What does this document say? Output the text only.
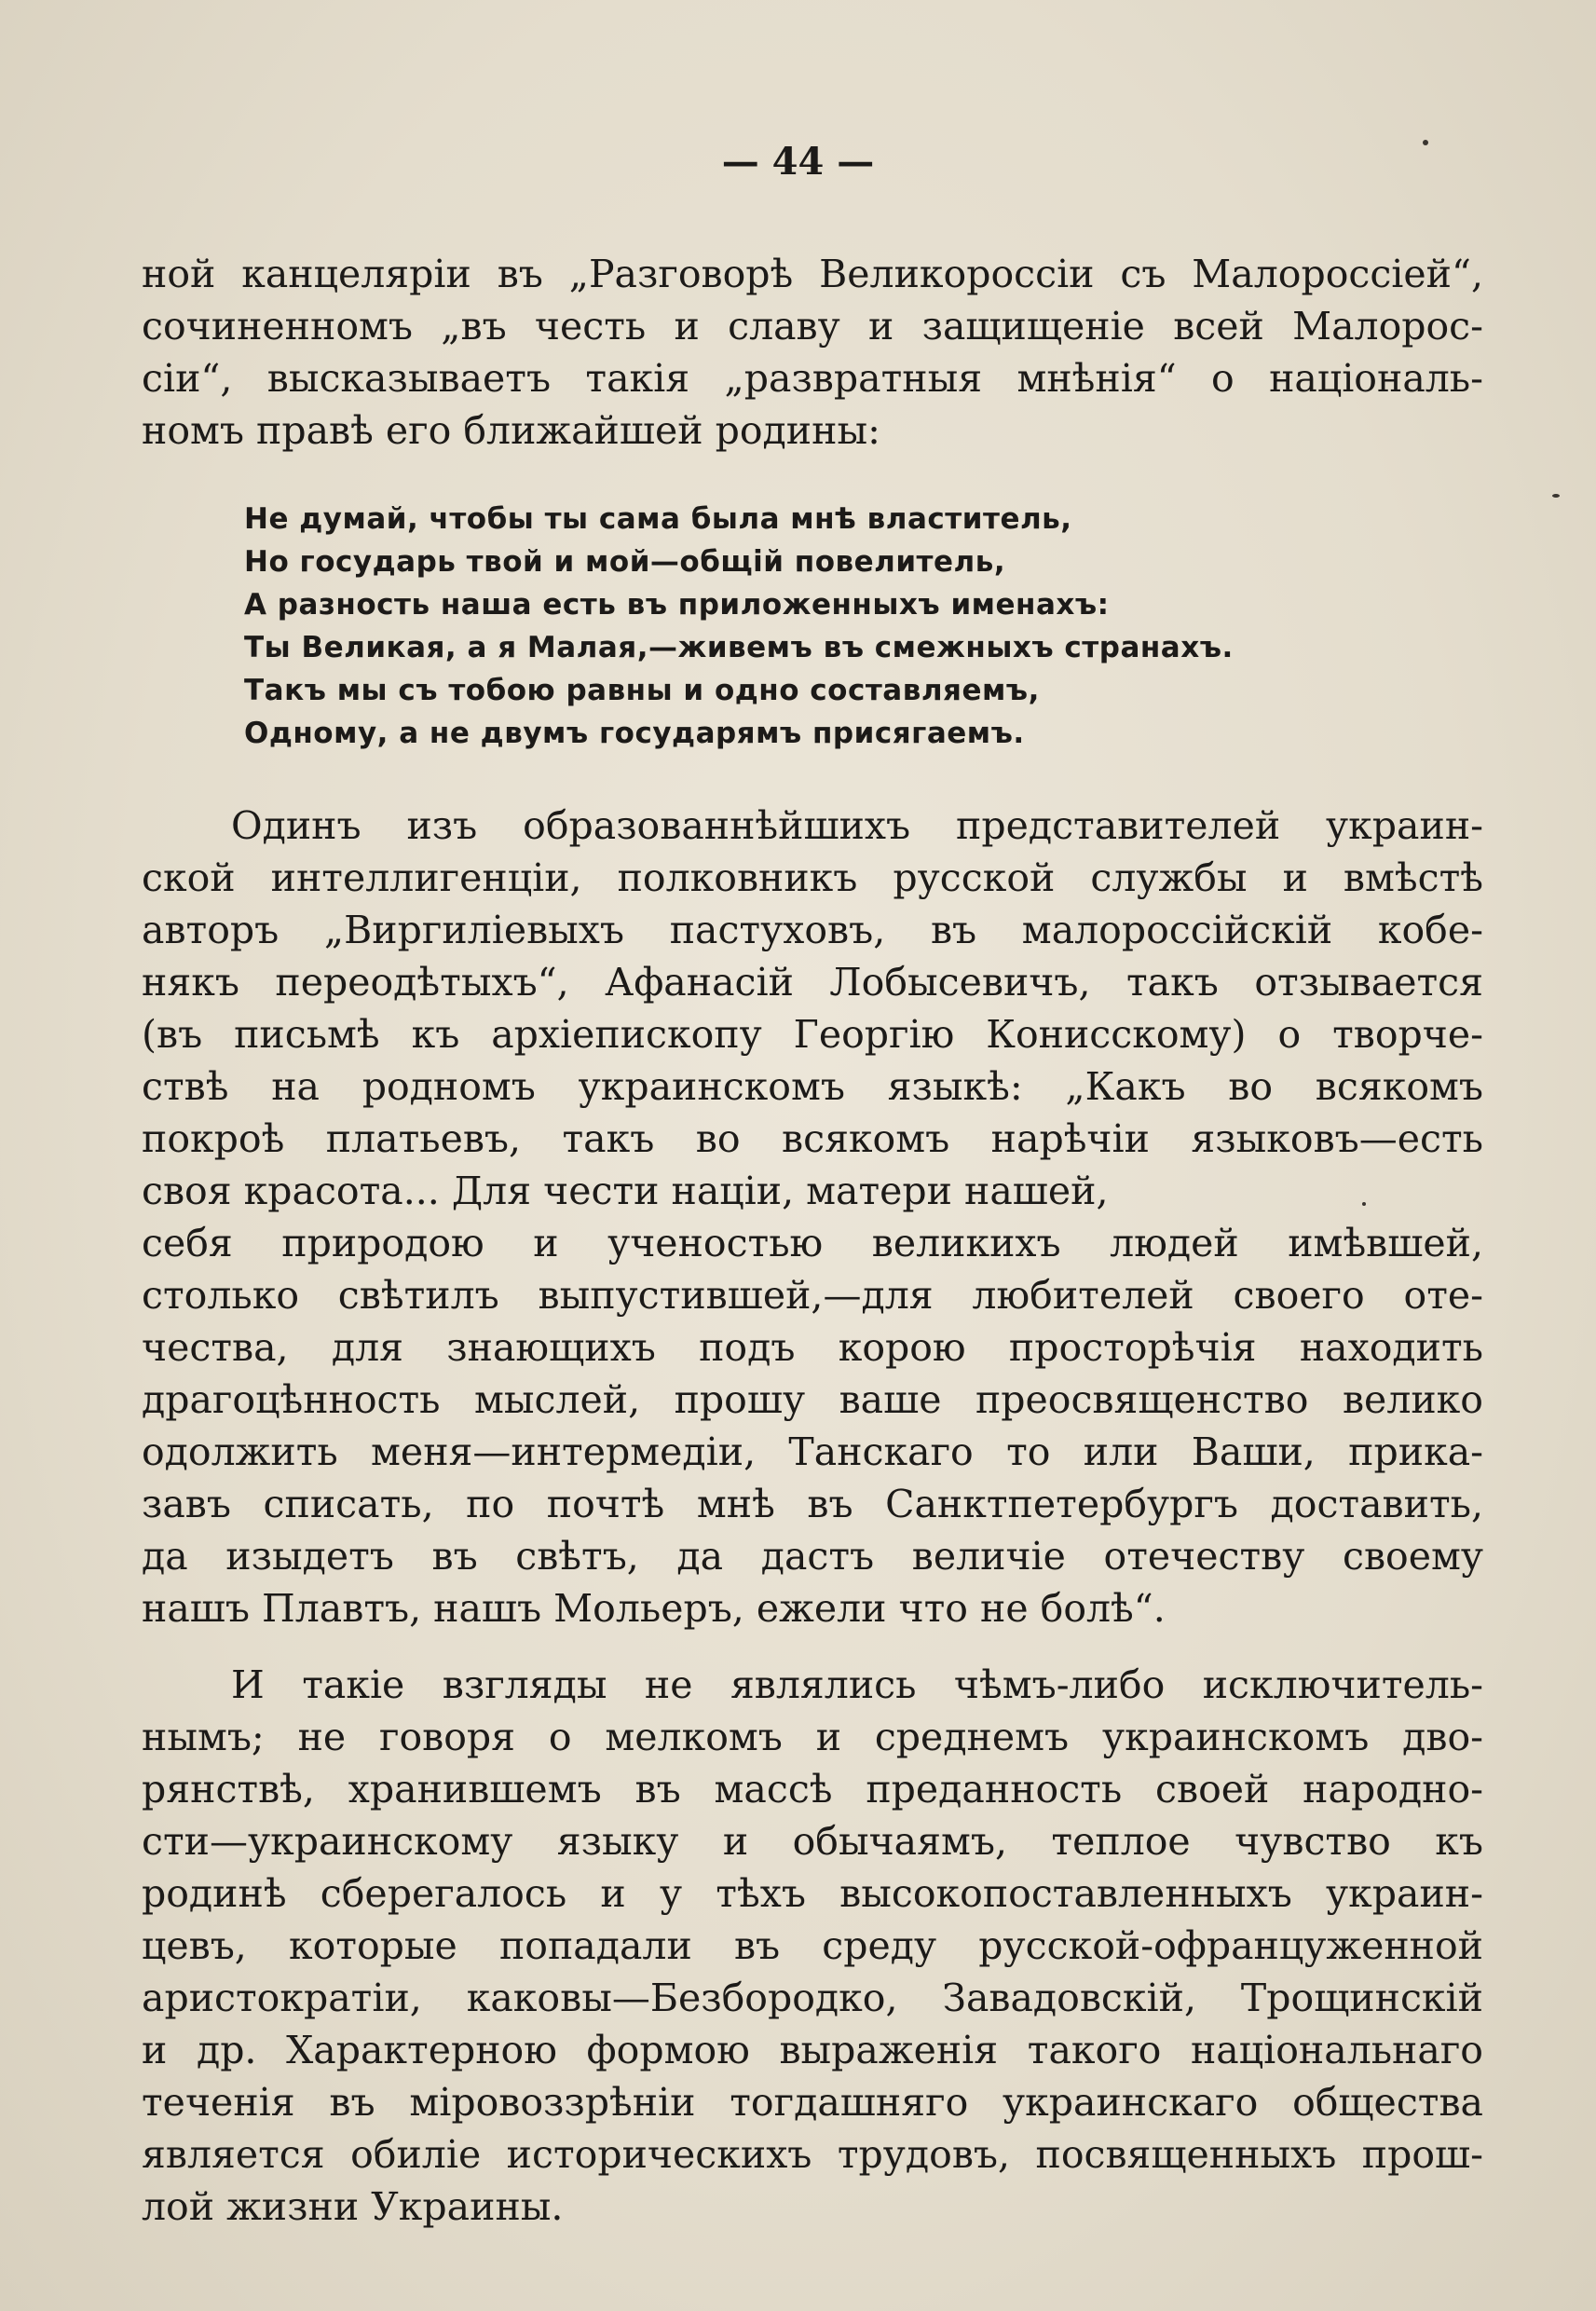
— 44 —
ной канцеляріи въ „Разговорѣ Великороссіи съ Малороссіей“,
сочиненномъ „въ честь и славу и защищеніе всей Малорос-
сіи“, высказываетъ такія „развратныя мнѣнія“ о національ-
номъ правѣ его ближайшей родины:
Не думай, чтобы ты сама была мнѣ властитель,
Но государь твой и мой—общій повелитель,
А разность наша есть въ приложенныхъ именахъ:
Ты Великая, а я Малая,—живемъ въ смежныхъ странахъ.
Такъ мы съ тобою равны и одно составляемъ,
Одному, а не двумъ государямъ присягаемъ.
Одинъ изъ образованнѣйшихъ представителей украин-
ской интеллигенціи, полковникъ русской службы и вмѣстѣ
авторъ „Виргиліевыхъ пастуховъ, въ малороссійскій кобе-
някъ переодѣтыхъ“, Афанасій Лобысевичъ, такъ отзывается
(въ письмѣ къ архіепископу Георгію Конисскому) о творче-
ствѣ на родномъ украинскомъ языкѣ: „Какъ во всякомъ
покроѣ платьевъ, такъ во всякомъ нарѣчіи языковъ—есть
своя красота... Для чести націи, матери нашей,
себя природою и ученостью великихъ людей имѣвшей,
столько свѣтилъ выпустившей,—для любителей своего оте-
чества, для знающихъ подъ корою просторѣчія находить
драгоцѣнность мыслей, прошу ваше преосвященство велико
одолжить меня—интермедіи, Танскаго то или Ваши, прика-
завъ списать, по почтѣ мнѣ въ Санктпетербургъ доставить,
да изыдетъ въ свѣтъ, да дастъ величіе отечеству своему
нашъ Плавтъ, нашъ Мольеръ, ежели что не болѣ“.
И такіе взгляды не являлись чѣмъ-либо исключитель-
нымъ; не говоря о мелкомъ и среднемъ украинскомъ дво-
рянствѣ, хранившемъ въ массѣ преданность своей народно-
сти—украинскому языку и обычаямъ, теплое чувство къ
родинѣ сберегалось и у тѣхъ высокопоставленныхъ украин-
цевъ, которые попадали въ среду русской-офранцуженной
аристократіи, каковы—Безбородко, Завадовскій, Трощинскій
и др. Характерною формою выраженія такого національнаго
теченія въ міровоззрѣніи тогдашняго украинскаго общества
является обиліе историческихъ трудовъ, посвященныхъ прош-
лой жизни Украины.
